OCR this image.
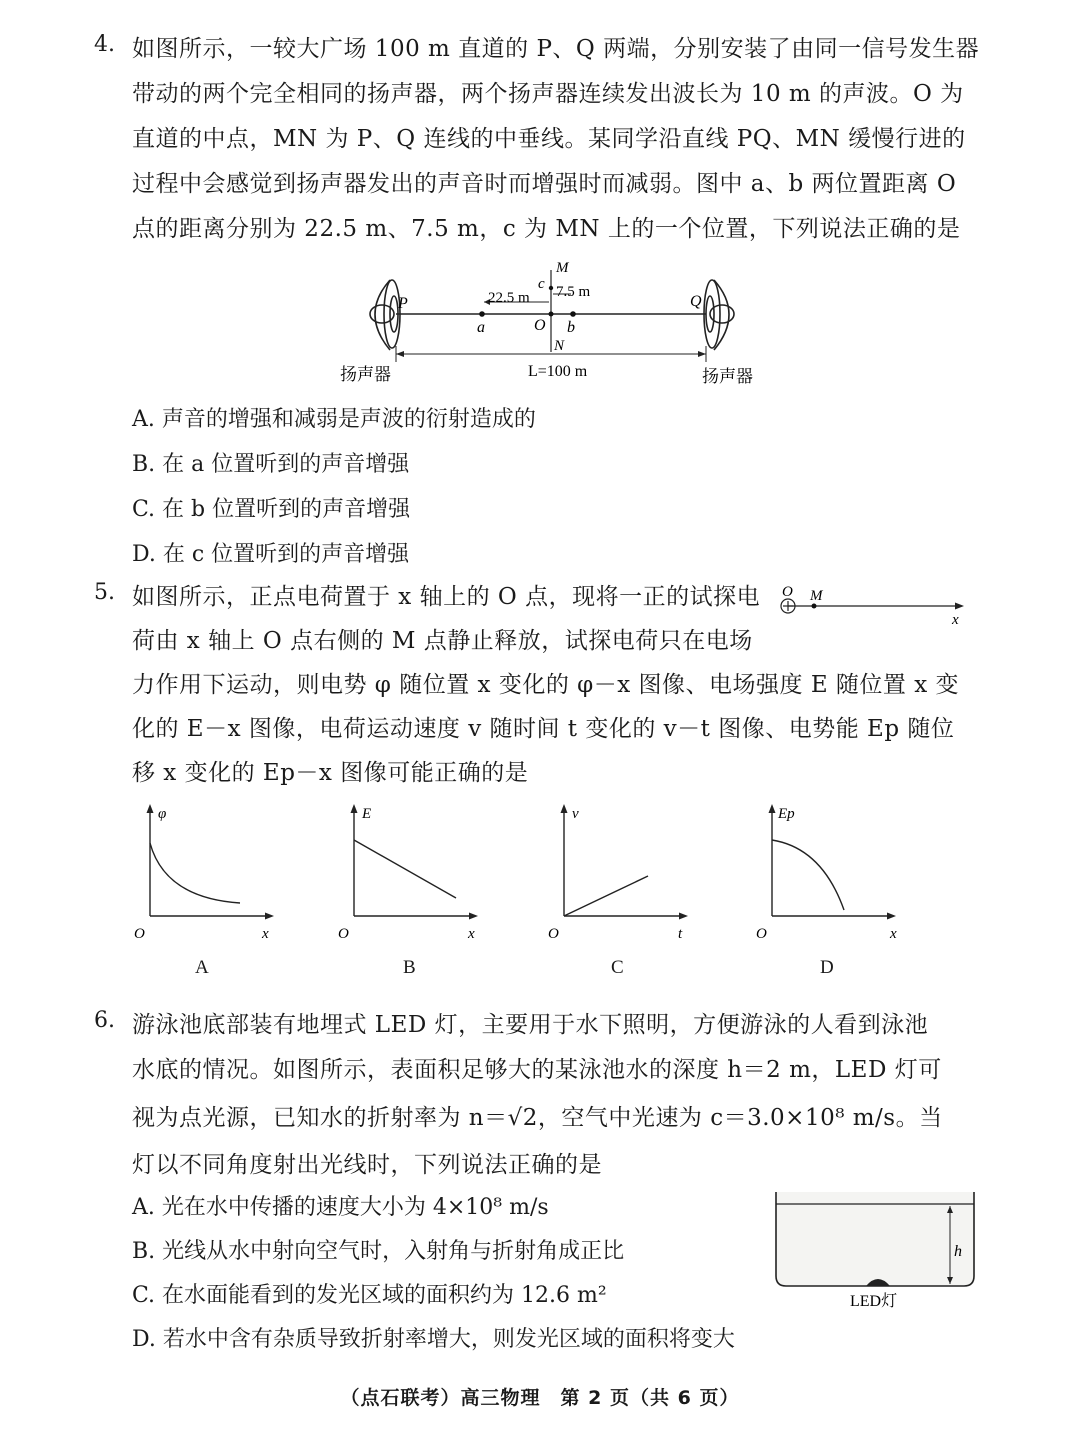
4. 如图所示，一较大广场 100 m 直道的 P、Q 两端，分别安装了由同一信号发生器
带动的两个完全相同的扬声器，两个扬声器连续发出波长为 10 m 的声波。O 为
直道的中点，MN 为 P、Q 连线的中垂线。某同学沿直线 PQ、MN 缓慢行进的
过程中会感觉到扬声器发出的声音时而增强时而减弱。图中 a、b 两位置距离 O
点的距离分别为 22.5 m、7.5 m，c 为 MN 上的一个位置，下列说法正确的是
P	Q
M
N
O
a	b
c
22.5 m 7.5 m
L=100 m
扬声器	扬声器
A. 声音的增强和减弱是声波的衍射造成的
B. 在 a 位置听到的声音增强
C. 在 b 位置听到的声音增强
D. 在 c 位置听到的声音增强
5. 如图所示，正点电荷置于 x 轴上的 O 点，现将一正的试探电
荷由 x 轴上 O 点右侧的 M 点静止释放，试探电荷只在电场
力作用下运动，则电势 φ 随位置 x 变化的 φ－x 图像、电场强度 E 随位置 x 变
化的 E－x 图像，电荷运动速度 v 随时间 t 变化的 v－t 图像、电势能 Ep 随位
移 x 变化的 Ep－x 图像可能正确的是
O M
x
φ
x
O
E
x
O
v
t
O
Ep
x
O
A	B	C	D
6. 游泳池底部装有地埋式 LED 灯，主要用于水下照明，方便游泳的人看到泳池
水底的情况。如图所示，表面积足够大的某泳池水的深度 h＝2 m，LED 灯可
视为点光源，已知水的折射率为 n＝√2，空气中光速为 c＝3.0×10⁸ m/s。当
灯以不同角度射出光线时，下列说法正确的是
A. 光在水中传播的速度大小为 4×10⁸ m/s
B. 光线从水中射向空气时，入射角与折射角成正比
C. 在水面能看到的发光区域的面积约为 12.6 m²
D. 若水中含有杂质导致折射率增大，则发光区域的面积将变大
h
LED灯
（点石联考）高三物理　第 2 页（共 6 页）
